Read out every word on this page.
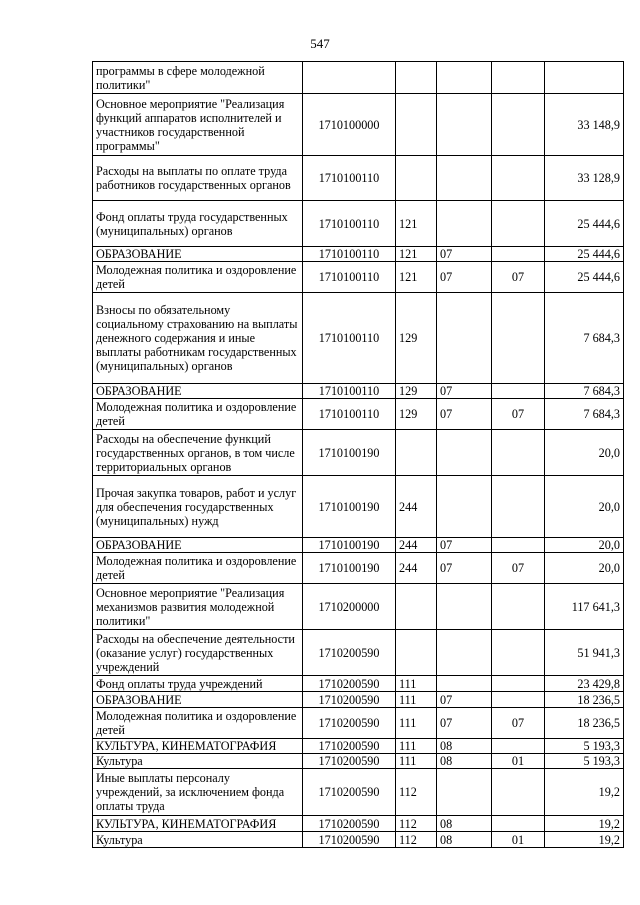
547
программы в сфере молодежной политики"					
Основное мероприятие "Реализация функций аппаратов исполнителей и участников государственной программы"	1710100000				33 148,9
Расходы на выплаты по оплате труда работников государственных органов	1710100110				33 128,9
Фонд оплаты труда государственных (муниципальных) органов	1710100110	121			25 444,6
ОБРАЗОВАНИЕ	1710100110	121	07		25 444,6
Молодежная политика и оздоровление детей	1710100110	121	07	07	25 444,6
Взносы по обязательному социальному страхованию на выплаты денежного содержания и иные выплаты работникам государственных (муниципальных) органов	1710100110	129			7 684,3
ОБРАЗОВАНИЕ	1710100110	129	07		7 684,3
Молодежная политика и оздоровление детей	1710100110	129	07	07	7 684,3
Расходы на обеспечение функций государственных органов, в том числе территориальных органов	1710100190				20,0
Прочая закупка товаров, работ и услуг для обеспечения государственных (муниципальных) нужд	1710100190	244			20,0
ОБРАЗОВАНИЕ	1710100190	244	07		20,0
Молодежная политика и оздоровление детей	1710100190	244	07	07	20,0
Основное мероприятие "Реализация механизмов развития молодежной политики"	1710200000				117 641,3
Расходы на обеспечение деятельности (оказание услуг) государственных учреждений	1710200590				51 941,3
Фонд оплаты труда учреждений	1710200590	111			23 429,8
ОБРАЗОВАНИЕ	1710200590	111	07		18 236,5
Молодежная политика и оздоровление детей	1710200590	111	07	07	18 236,5
КУЛЬТУРА, КИНЕМАТОГРАФИЯ	1710200590	111	08		5 193,3
Культура	1710200590	111	08	01	5 193,3
Иные выплаты персоналу учреждений, за исключением фонда оплаты труда	1710200590	112			19,2
КУЛЬТУРА, КИНЕМАТОГРАФИЯ	1710200590	112	08		19,2
Культура	1710200590	112	08	01	19,2
